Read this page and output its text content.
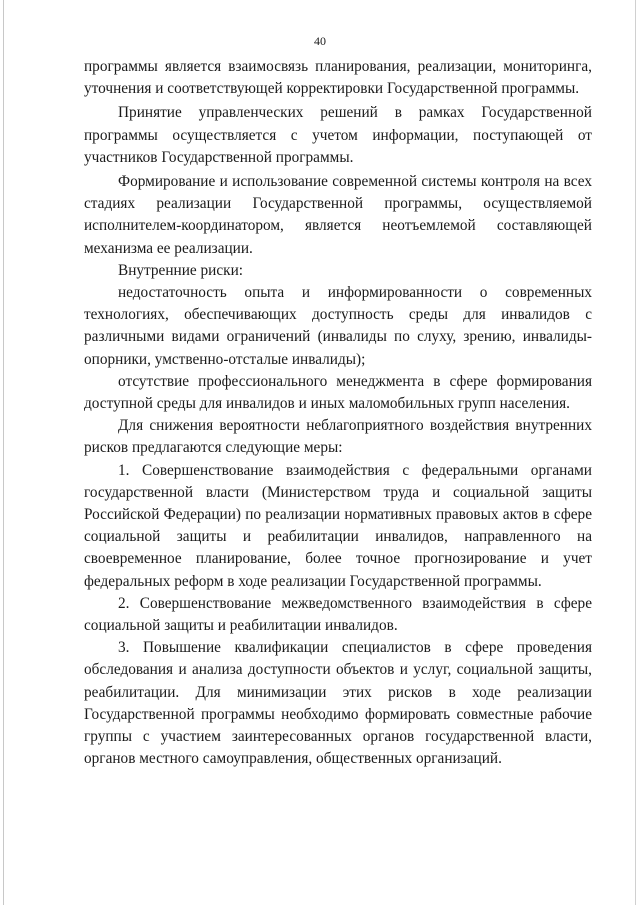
40

программы является взаимосвязь планирования, реализации, мониторинга, уточнения и соответствующей корректировки Государственной программы.

Принятие управленческих решений в рамках Государственной программы осуществляется с учетом информации, поступающей от участников Государственной программы.

Формирование и использование современной системы контроля на всех стадиях реализации Государственной программы, осуществляемой исполнителем-координатором, является неотъемлемой составляющей механизма ее реализации.

Внутренние риски:

недостаточность опыта и информированности о современных технологиях, обеспечивающих доступность среды для инвалидов с различными видами ограничений (инвалиды по слуху, зрению, инвалиды-опорники, умственно-отсталые инвалиды);

отсутствие профессионального менеджмента в сфере формирования доступной среды для инвалидов и иных маломобильных групп населения.

Для снижения вероятности неблагоприятного воздействия внутренних рисков предлагаются следующие меры:

1. Совершенствование взаимодействия с федеральными органами государственной власти (Министерством труда и социальной защиты Российской Федерации) по реализации нормативных правовых актов в сфере социальной защиты и реабилитации инвалидов, направленного на своевременное планирование, более точное прогнозирование и учет федеральных реформ в ходе реализации Государственной программы.

2. Совершенствование межведомственного взаимодействия в сфере социальной защиты и реабилитации инвалидов.

3. Повышение квалификации специалистов в сфере проведения обследования и анализа доступности объектов и услуг, социальной защиты, реабилитации. Для минимизации этих рисков в ходе реализации Государственной программы необходимо формировать совместные рабочие группы с участием заинтересованных органов государственной власти, органов местного самоуправления, общественных организаций.
